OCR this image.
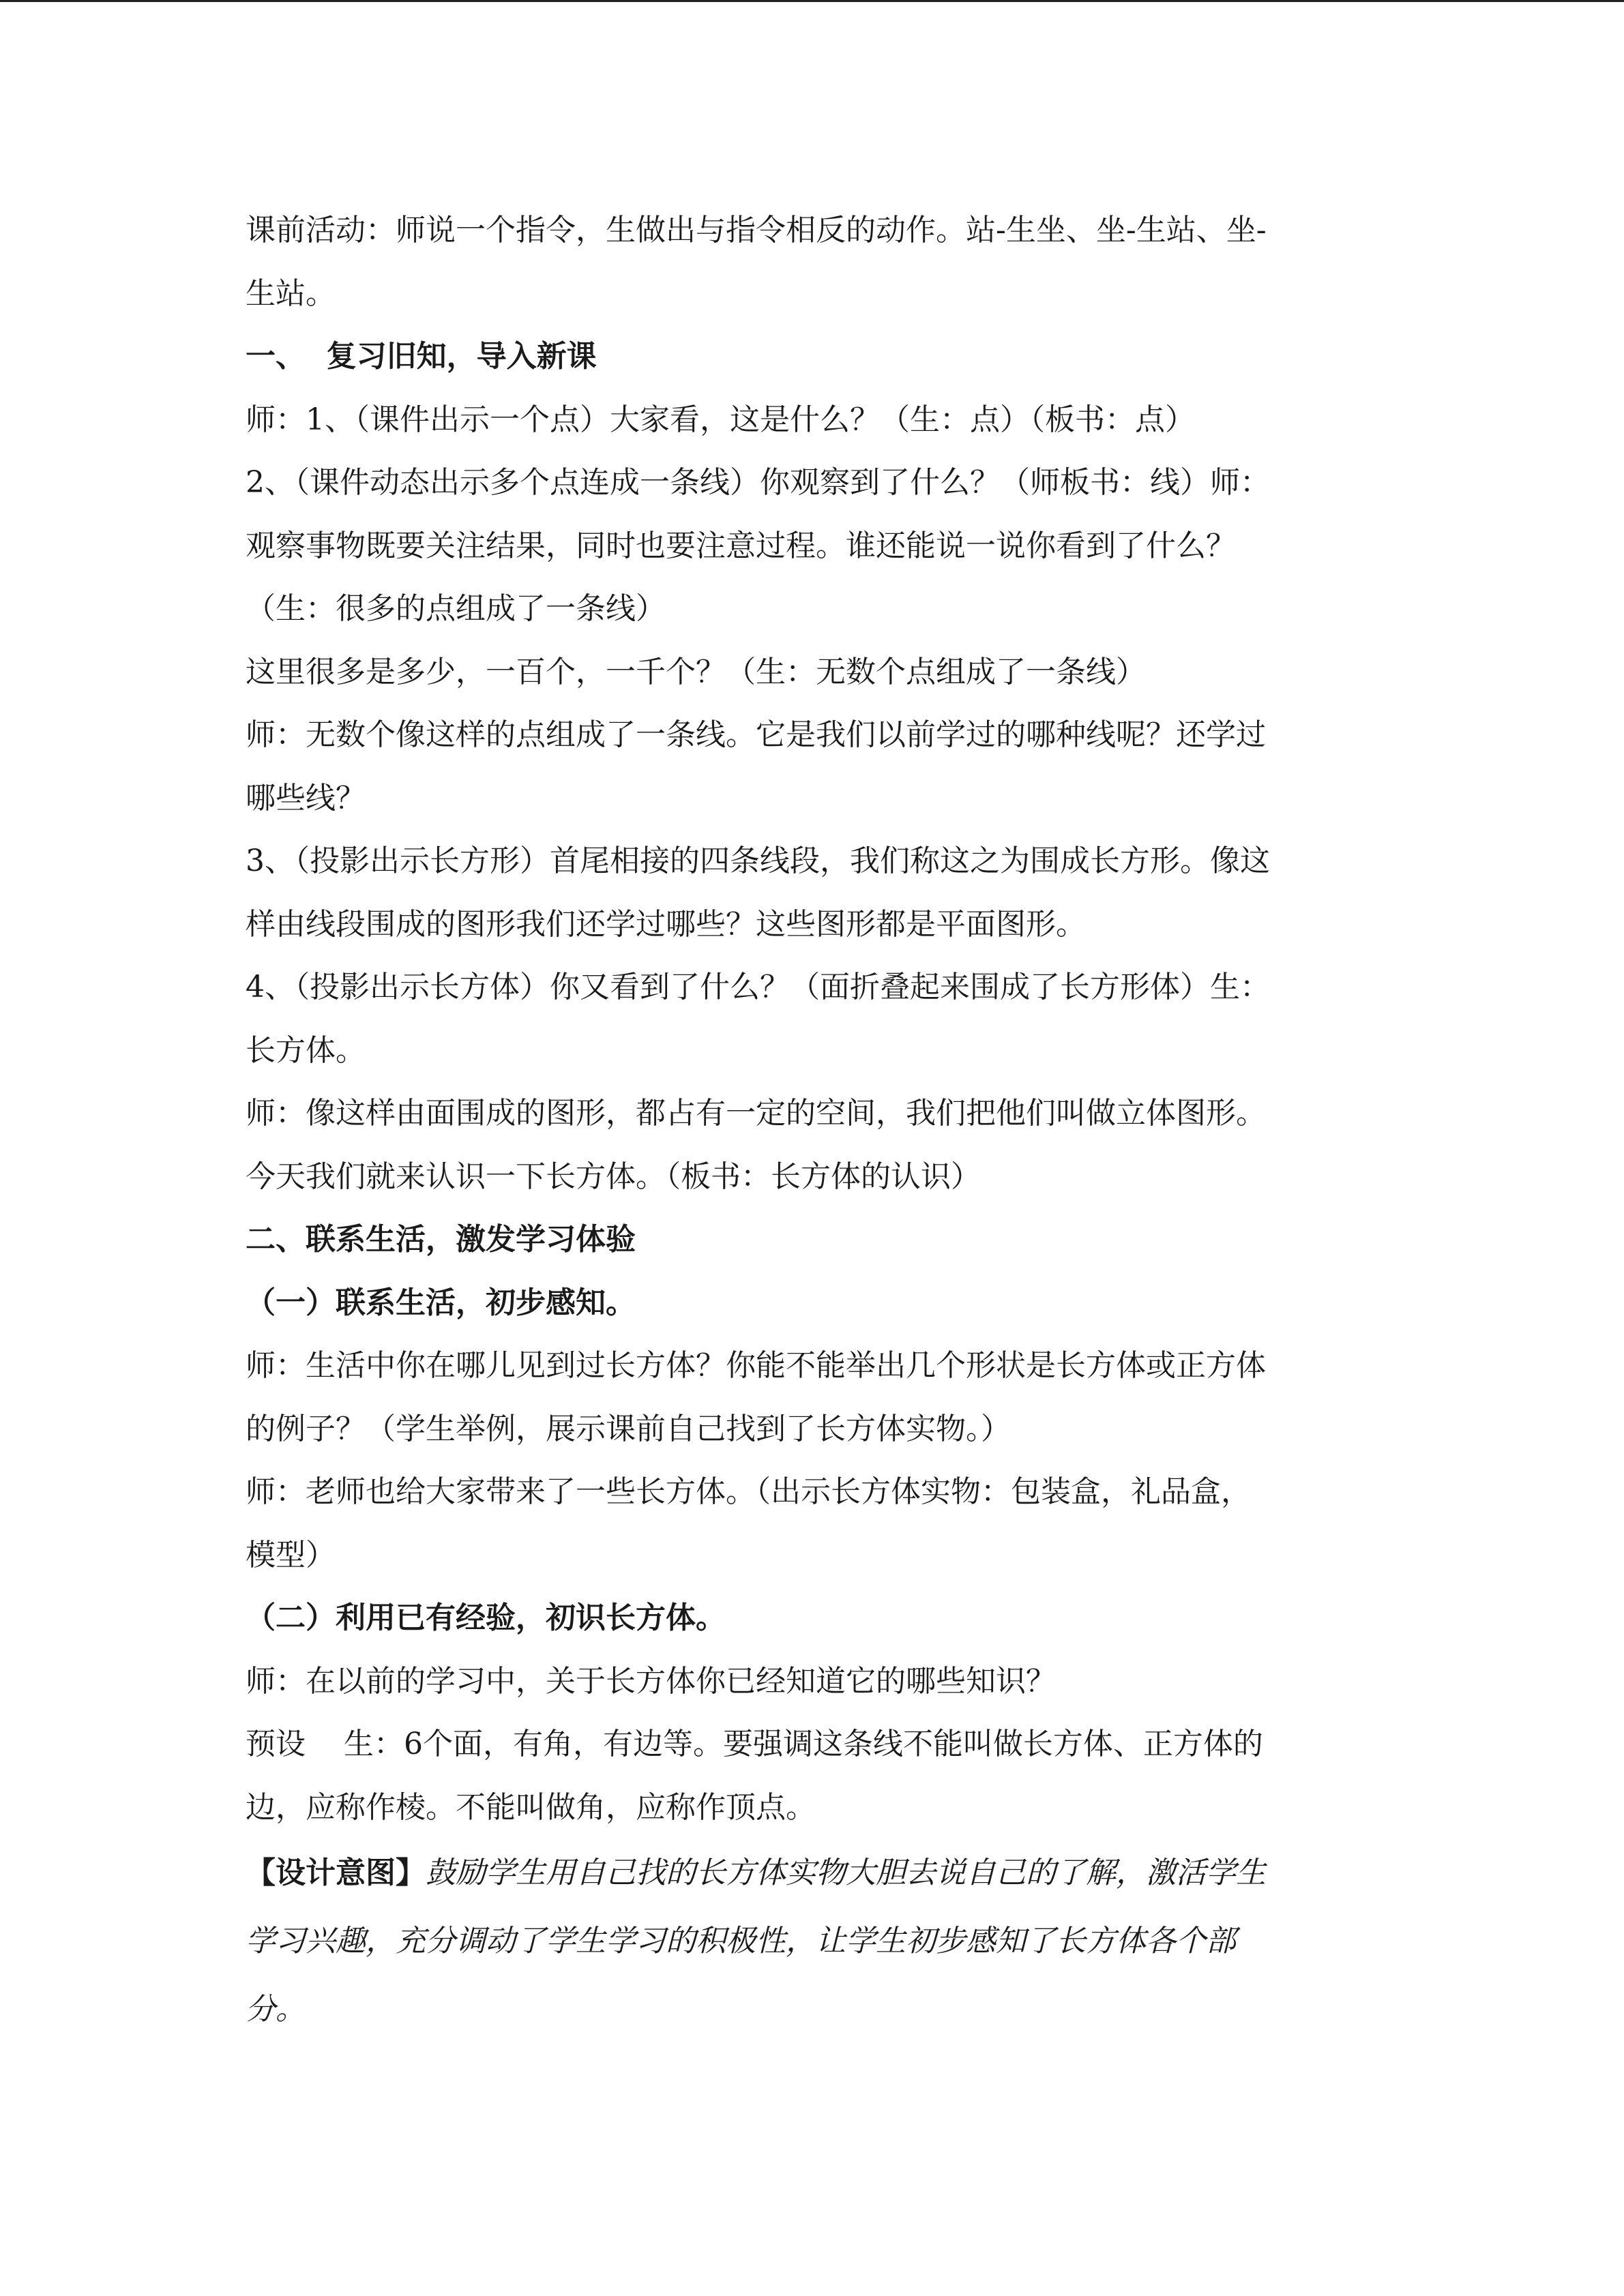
课前活动：师说一个指令，生做出与指令相反的动作。站-生坐、坐-生站、坐-
生站。
一、  复习旧知，导入新课
师：1、（课件出示一个点）大家看，这是什么？（生：点）（板书：点）
2、（课件动态出示多个点连成一条线）你观察到了什么？（师板书：线）师：
观察事物既要关注结果，同时也要注意过程。谁还能说一说你看到了什么？
（生：很多的点组成了一条线）
这里很多是多少，一百个，一千个？（生：无数个点组成了一条线）
师：无数个像这样的点组成了一条线。它是我们以前学过的哪种线呢？还学过
哪些线？
3、（投影出示长方形）首尾相接的四条线段，我们称这之为围成长方形。像这
样由线段围成的图形我们还学过哪些？这些图形都是平面图形。
4、（投影出示长方体）你又看到了什么？（面折叠起来围成了长方形体）生：
长方体。
师：像这样由面围成的图形，都占有一定的空间，我们把他们叫做立体图形。
今天我们就来认识一下长方体。（板书：长方体的认识）
二、联系生活，激发学习体验
（一）联系生活，初步感知。
师：生活中你在哪儿见到过长方体？你能不能举出几个形状是长方体或正方体
的例子？（学生举例，展示课前自己找到了长方体实物。）
师：老师也给大家带来了一些长方体。（出示长方体实物：包装盒，礼品盒，
模型）
（二）利用已有经验，初识长方体。
师：在以前的学习中，关于长方体你已经知道它的哪些知识？
预设    生：6个面，有角，有边等。要强调这条线不能叫做长方体、正方体的
边，应称作棱。不能叫做角，应称作顶点。
【设计意图】鼓励学生用自己找的长方体实物大胆去说自己的了解，激活学生
学习兴趣，充分调动了学生学习的积极性，让学生初步感知了长方体各个部
分。
